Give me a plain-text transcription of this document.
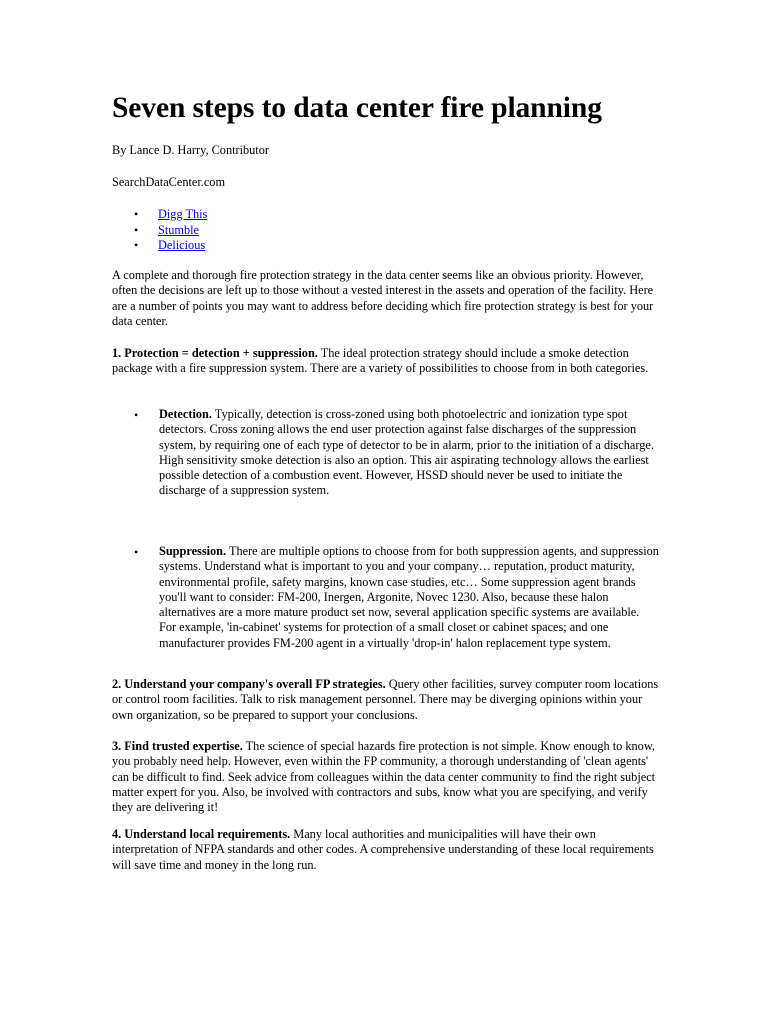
Seven steps to data center fire planning

By Lance D. Harry, Contributor

SearchDataCenter.com

• Digg This
• Stumble
• Delicious

A complete and thorough fire protection strategy in the data center seems like an obvious priority. However, often the decisions are left up to those without a vested interest in the assets and operation of the facility. Here are a number of points you may want to address before deciding which fire protection strategy is best for your data center.

1. Protection = detection + suppression. The ideal protection strategy should include a smoke detection package with a fire suppression system. There are a variety of possibilities to choose from in both categories.

• Detection. Typically, detection is cross-zoned using both photoelectric and ionization type spot detectors. Cross zoning allows the end user protection against false discharges of the suppression system, by requiring one of each type of detector to be in alarm, prior to the initiation of a discharge. High sensitivity smoke detection is also an option. This air aspirating technology allows the earliest possible detection of a combustion event. However, HSSD should never be used to initiate the discharge of a suppression system.

• Suppression. There are multiple options to choose from for both suppression agents, and suppression systems. Understand what is important to you and your company… reputation, product maturity, environmental profile, safety margins, known case studies, etc… Some suppression agent brands you'll want to consider: FM-200, Inergen, Argonite, Novec 1230. Also, because these halon alternatives are a more mature product set now, several application specific systems are available. For example, 'in-cabinet' systems for protection of a small closet or cabinet spaces; and one manufacturer provides FM-200 agent in a virtually 'drop-in' halon replacement type system.

2. Understand your company's overall FP strategies. Query other facilities, survey computer room locations or control room facilities. Talk to risk management personnel. There may be diverging opinions within your own organization, so be prepared to support your conclusions.

3. Find trusted expertise. The science of special hazards fire protection is not simple. Know enough to know, you probably need help. However, even within the FP community, a thorough understanding of 'clean agents' can be difficult to find. Seek advice from colleagues within the data center community to find the right subject matter expert for you. Also, be involved with contractors and subs, know what you are specifying, and verify they are delivering it!

4. Understand local requirements. Many local authorities and municipalities will have their own interpretation of NFPA standards and other codes. A comprehensive understanding of these local requirements will save time and money in the long run.
